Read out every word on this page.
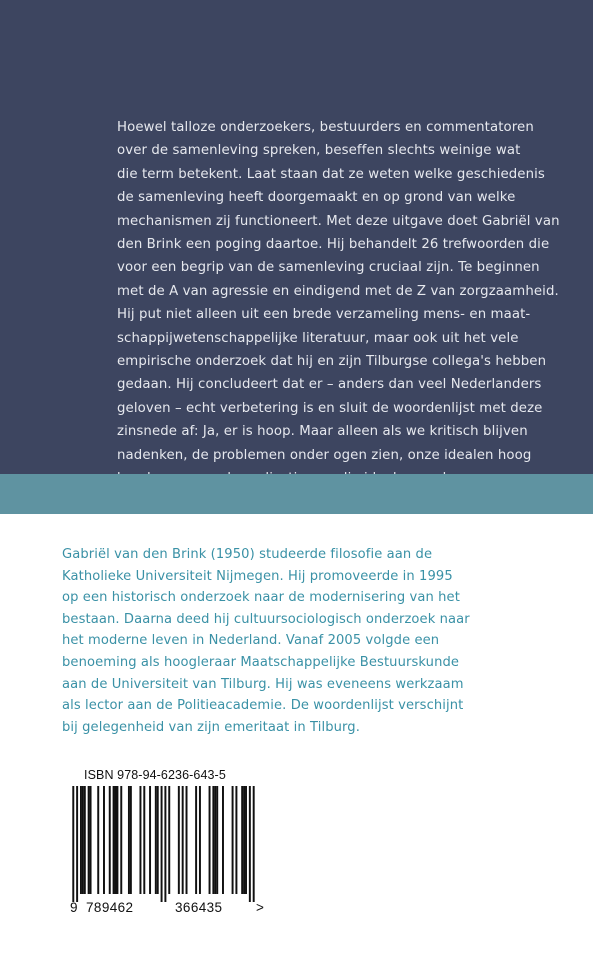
Hoewel talloze onderzoekers, bestuurders en commentatoren
over de samenleving spreken, beseffen slechts weinige wat
die term betekent. Laat staan dat ze weten welke geschiedenis
de samenleving heeft doorgemaakt en op grond van welke
mechanismen zij functioneert. Met deze uitgave doet Gabriël van
den Brink een poging daartoe. Hij behandelt 26 trefwoorden die
voor een begrip van de samenleving cruciaal zijn. Te beginnen
met de A van agressie en eindigend met de Z van zorgzaamheid.
Hij put niet alleen uit een brede verzameling mens- en maat-
schappijwetenschappelijke literatuur, maar ook uit het vele
empirische onderzoek dat hij en zijn Tilburgse collega's hebben
gedaan. Hij concludeert dat er – anders dan veel Nederlanders
geloven – echt verbetering is en sluit de woordenlijst met deze
zinsnede af: Ja, er is hoop. Maar alleen als we kritisch blijven
nadenken, de problemen onder ogen zien, onze idealen hoog
Gabriël van den Brink (1950) studeerde filosofie aan de
Katholieke Universiteit Nijmegen. Hij promoveerde in 1995
op een historisch onderzoek naar de modernisering van het
bestaan. Daarna deed hij cultuursociologisch onderzoek naar
het moderne leven in Nederland. Vanaf 2005 volgde een
benoeming als hoogleraar Maatschappelijke Bestuurskunde
aan de Universiteit van Tilburg. Hij was eveneens werkzaam
als lector aan de Politieacademie. De woordenlijst verschijnt
bij gelegenheid van zijn emeritaat in Tilburg.
ISBN 978-94-6236-643-5
9 789462	366435 >
